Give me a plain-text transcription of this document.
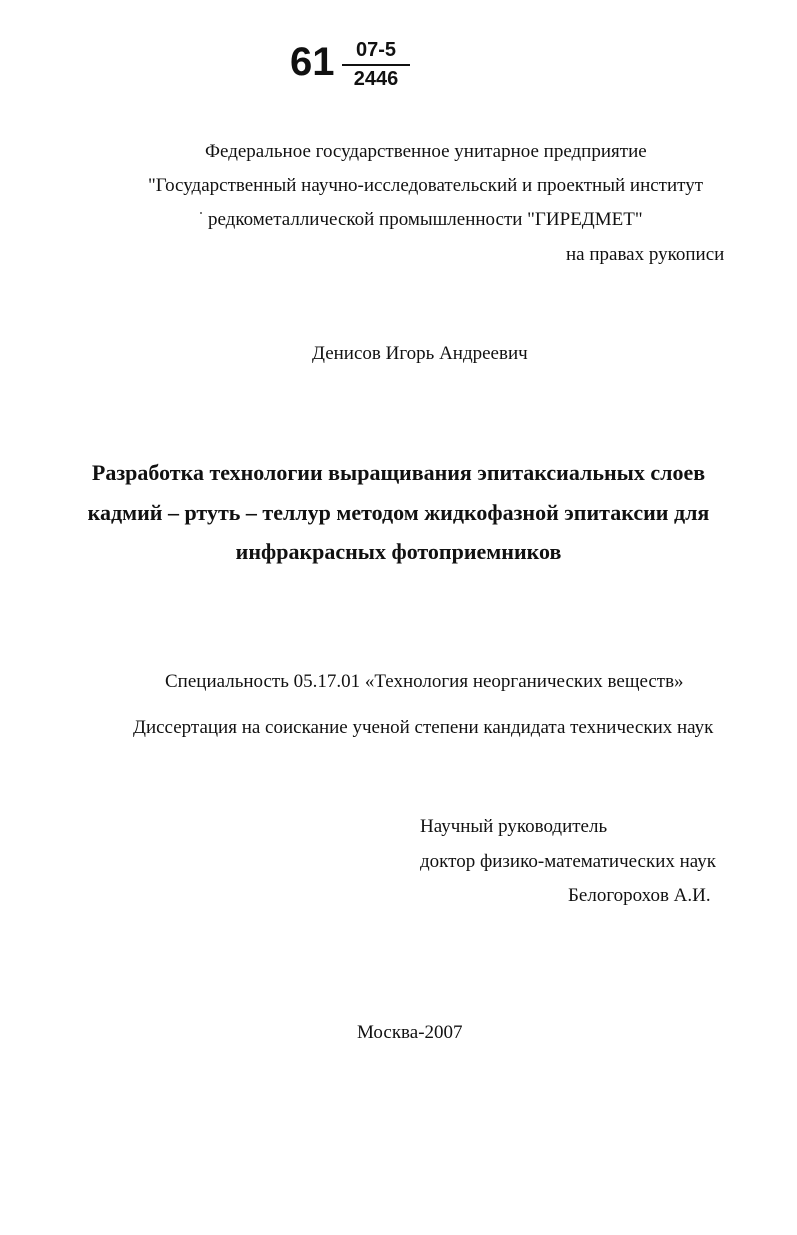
61	07-5
2446
Федеральное государственное унитарное предприятие
"Государственный научно-исследовательский и проектный институт
редкометаллической промышленности "ГИРЕДМЕТ"
на правах рукописи
Денисов Игорь Андреевич
Разработка технологии выращивания эпитаксиальных слоев
кадмий – ртуть – теллур методом жидкофазной эпитаксии для
инфракрасных фотоприемников
Специальность 05.17.01 «Технология неорганических веществ»
Диссертация на соискание ученой степени кандидата технических наук
Научный руководитель
доктор физико-математических наук
Белогорохов А.И.
Москва-2007
